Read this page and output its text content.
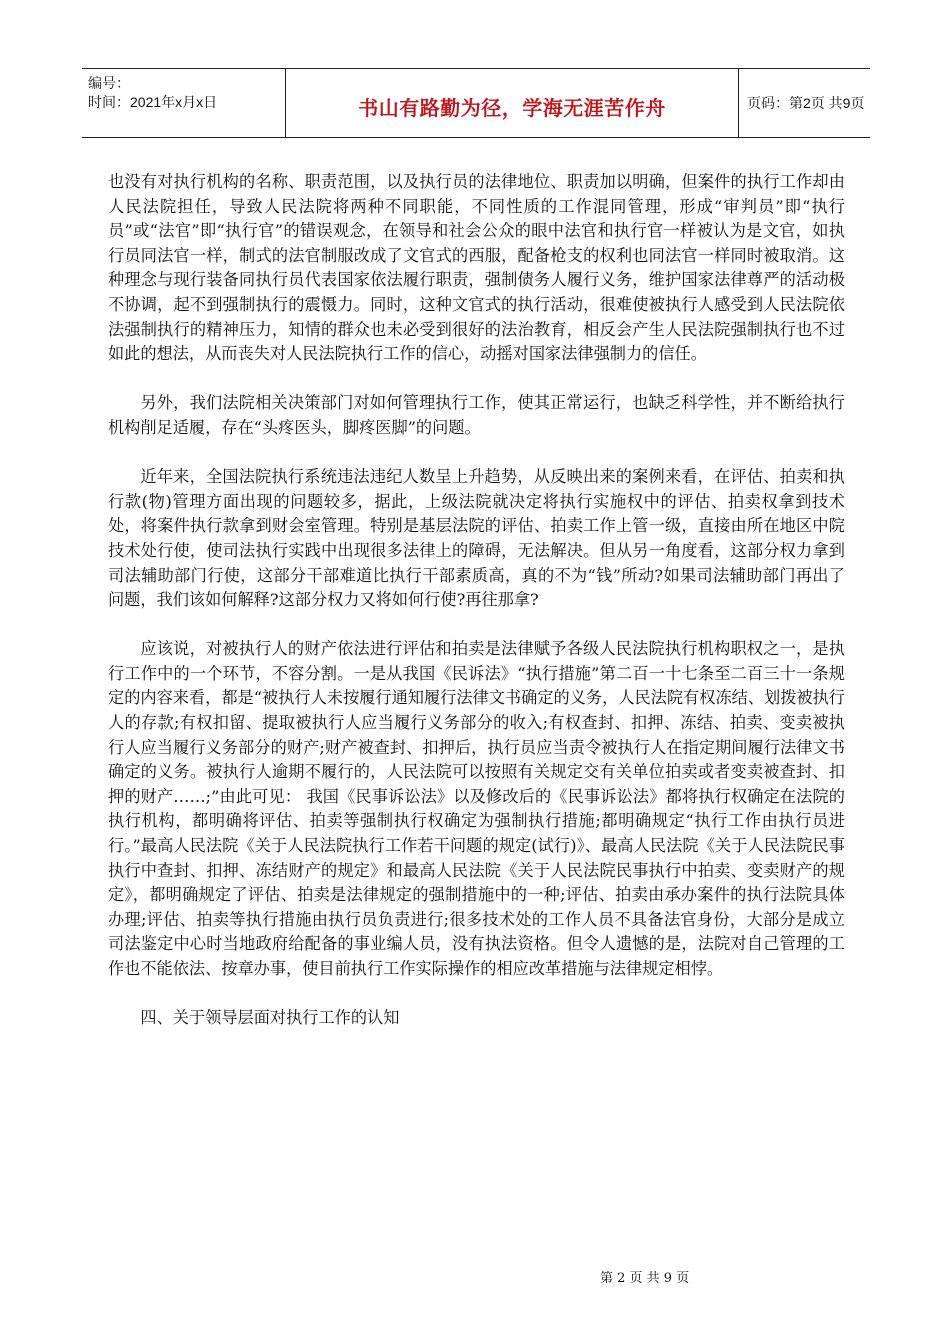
编号：
时间：2021年x月x日	书山有路勤为径，学海无涯苦作舟	页码：第2页 共9页

也没有对执行机构的名称、职责范围，以及执行员的法律地位、职责加以明确，但案件的执行工作却由人民法院担任，导致人民法院将两种不同职能，不同性质的工作混同管理，形成“审判员”即“执行员”或“法官”即“执行官”的错误观念，在领导和社会公众的眼中法官和执行官一样被认为是文官，如执行员同法官一样，制式的法官制服改成了文官式的西服，配备枪支的权利也同法官一样同时被取消。这种理念与现行装备同执行员代表国家依法履行职责，强制债务人履行义务，维护国家法律尊严的活动极不协调，起不到强制执行的震慑力。同时，这种文官式的执行活动，很难使被执行人感受到人民法院依法强制执行的精神压力，知情的群众也未必受到很好的法治教育，相反会产生人民法院强制执行也不过如此的想法，从而丧失对人民法院执行工作的信心，动摇对国家法律强制力的信任。

另外，我们法院相关决策部门对如何管理执行工作，使其正常运行，也缺乏科学性，并不断给执行机构削足适履，存在“头疼医头，脚疼医脚”的问题。

近年来，全国法院执行系统违法违纪人数呈上升趋势，从反映出来的案例来看，在评估、拍卖和执行款(物)管理方面出现的问题较多，据此，上级法院就决定将执行实施权中的评估、拍卖权拿到技术处，将案件执行款拿到财会室管理。特别是基层法院的评估、拍卖工作上管一级，直接由所在地区中院技术处行使，使司法执行实践中出现很多法律上的障碍，无法解决。但从另一角度看，这部分权力拿到司法辅助部门行使，这部分干部难道比执行干部素质高，真的不为“钱”所动?如果司法辅助部门再出了问题，我们该如何解释?这部分权力又将如何行使?再往那拿?

应该说，对被执行人的财产依法进行评估和拍卖是法律赋予各级人民法院执行机构职权之一，是执行工作中的一个环节，不容分割。一是从我国《民诉法》“执行措施”第二百一十七条至二百三十一条规定的内容来看，都是“被执行人未按履行通知履行法律文书确定的义务，人民法院有权冻结、划拨被执行人的存款;有权扣留、提取被执行人应当履行义务部分的收入;有权查封、扣押、冻结、拍卖、变卖被执行人应当履行义务部分的财产;财产被查封、扣押后，执行员应当责令被执行人在指定期间履行法律文书确定的义务。被执行人逾期不履行的，人民法院可以按照有关规定交有关单位拍卖或者变卖被查封、扣押的财产……;”由此可见： 我国《民事诉讼法》以及修改后的《民事诉讼法》都将执行权确定在法院的执行机构，都明确将评估、拍卖等强制执行权确定为强制执行措施;都明确规定“执行工作由执行员进行。”最高人民法院《关于人民法院执行工作若干问题的规定(试行)》、最高人民法院《关于人民法院民事执行中查封、扣押、冻结财产的规定》和最高人民法院《关于人民法院民事执行中拍卖、变卖财产的规定》，都明确规定了评估、拍卖是法律规定的强制措施中的一种;评估、拍卖由承办案件的执行法院具体办理;评估、拍卖等执行措施由执行员负责进行;很多技术处的工作人员不具备法官身份，大部分是成立司法鉴定中心时当地政府给配备的事业编人员，没有执法资格。但令人遗憾的是，法院对自己管理的工作也不能依法、按章办事，使目前执行工作实际操作的相应改革措施与法律规定相悖。

四、关于领导层面对执行工作的认知

第 2 页 共 9 页
